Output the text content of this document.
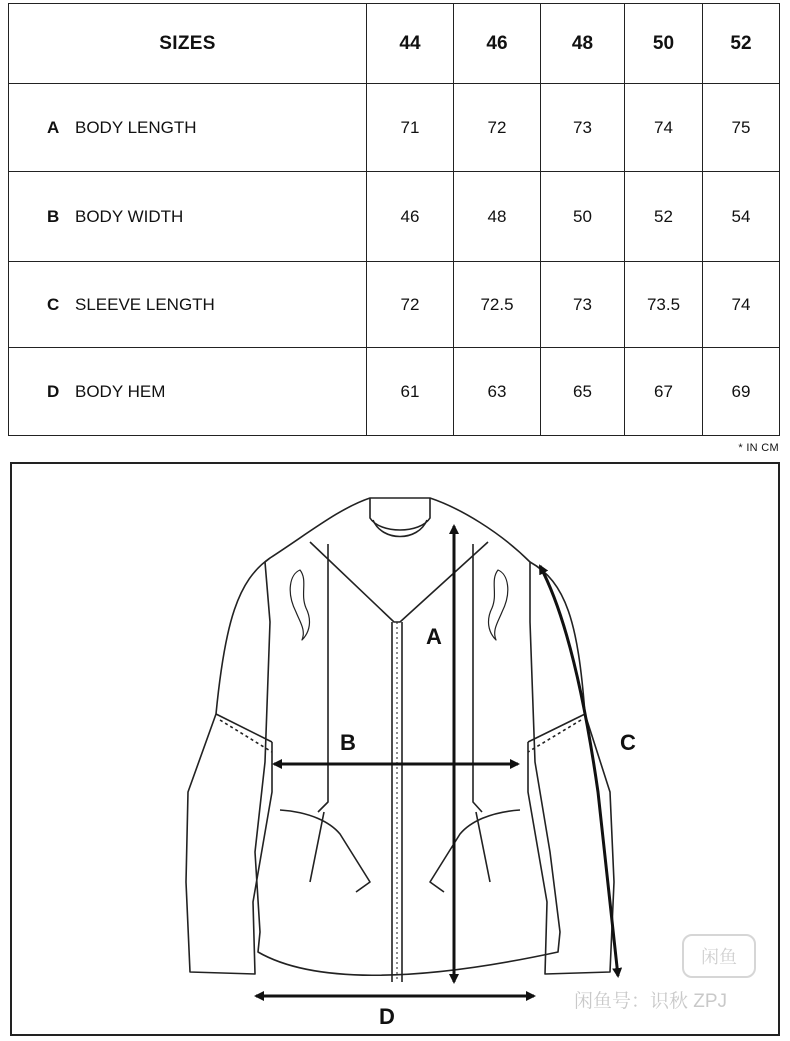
SIZES	44	46	48	50	52
A BODY LENGTH	71	72	73	74	75
B BODY WIDTH	46	48	50	52	54
C SLEEVE LENGTH	72	72.5	73	73.5	74
D BODY HEM	61	63	65	67	69
* IN CM
A
B	C
D
闲鱼
闲鱼号：识秋 ZPJ
